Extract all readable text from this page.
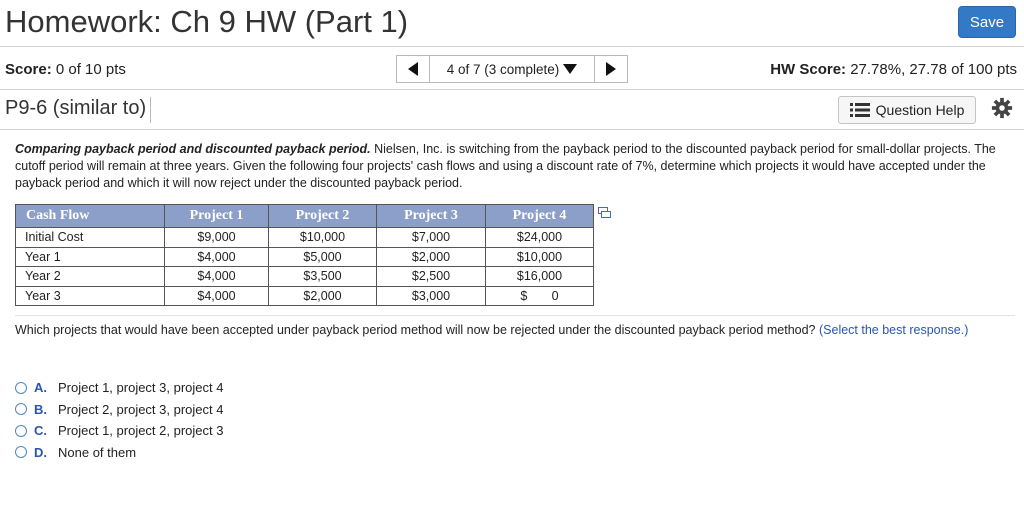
Homework: Ch 9 HW (Part 1)	Save
Score: 0 of 10 pts	4 of 7 (3 complete)	HW Score: 27.78%, 27.78 of 100 pts
P9-6 (similar to)	Question Help
Comparing payback period and discounted payback period. Nielsen, Inc. is switching from the payback period to the discounted payback period for small-dollar projects. The cutoff period will remain at three years. Given the following four projects' cash flows and using a discount rate of 7%, determine which projects it would have accepted under the payback period and which it will now reject under the discounted payback period.
Cash Flow	Project 1	Project 2	Project 3	Project 4
Initial Cost	$9,000	$10,000	$7,000	$24,000
Year 1	$4,000	$5,000	$2,000	$10,000
Year 2	$4,000	$3,500	$2,500	$16,000
Year 3	$4,000	$2,000	$3,000	$       0
Which projects that would have been accepted under payback period method will now be rejected under the discounted payback period method? (Select the best response.)
A. Project 1, project 3, project 4
B. Project 2, project 3, project 4
C. Project 1, project 2, project 3
D. None of them
